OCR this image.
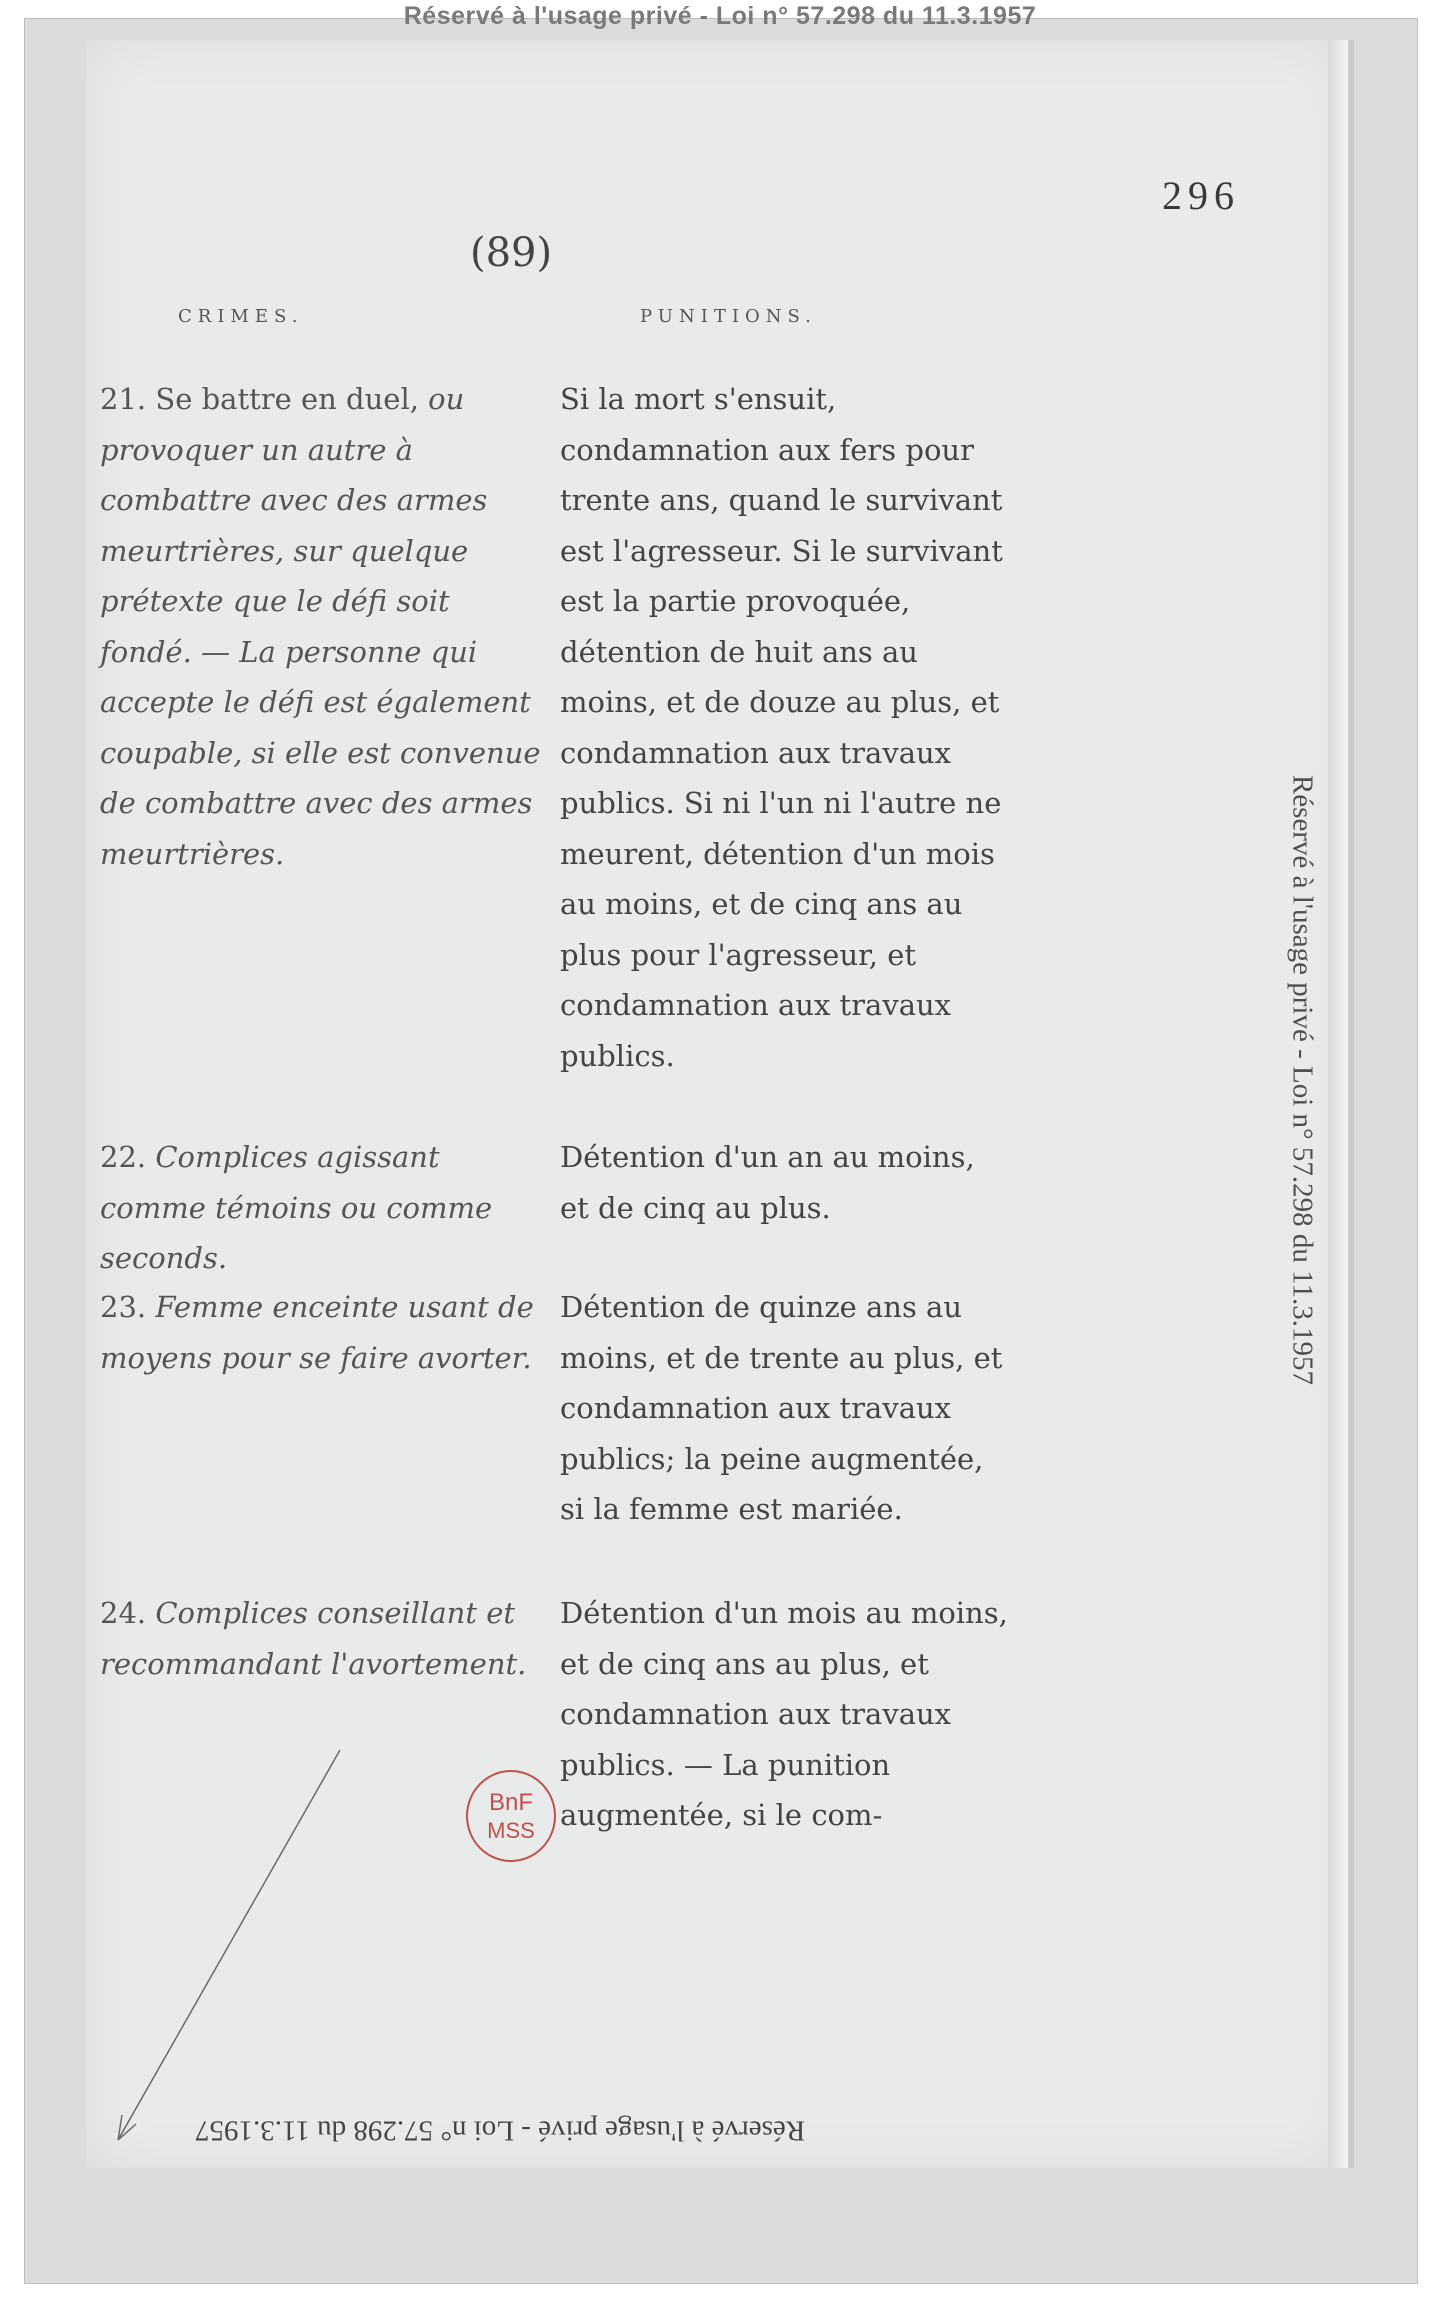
Réservé à l'usage privé - Loi n° 57.298 du 11.3.1957
Réservé à l'usage privé - Loi n° 57.298 du 11.3.1957
Réservé à l'usage privé - Loi n° 57.298 du 11.3.1957
296
(89)
CRIMES.	PUNITIONS.
21. Se battre en duel, ou provoquer un autre à combattre avec des armes meurtrières, sur quelque prétexte que le défi soit fondé. — La personne qui accepte le défi est également coupable, si elle est convenue de combattre avec des armes meurtrières.
Si la mort s'ensuit, condamnation aux fers pour trente ans, quand le survivant est l'agresseur. Si le survivant est la partie provoquée, détention de huit ans au moins, et de douze au plus, et condamnation aux travaux publics. Si ni l'un ni l'autre ne meurent, détention d'un mois au moins, et de cinq ans au plus pour l'agresseur, et condamnation aux travaux publics.
22. Complices agissant comme témoins ou comme seconds.
Détention d'un an au moins, et de cinq au plus.
23. Femme enceinte usant de moyens pour se faire avorter.
Détention de quinze ans au moins, et de trente au plus, et condamnation aux travaux publics; la peine augmentée, si la femme est mariée.
24. Complices conseillant et recommandant l'avortement.
Détention d'un mois au moins, et de cinq ans au plus, et condamnation aux travaux publics. — La punition augmentée, si le com-
BnF
MSS
